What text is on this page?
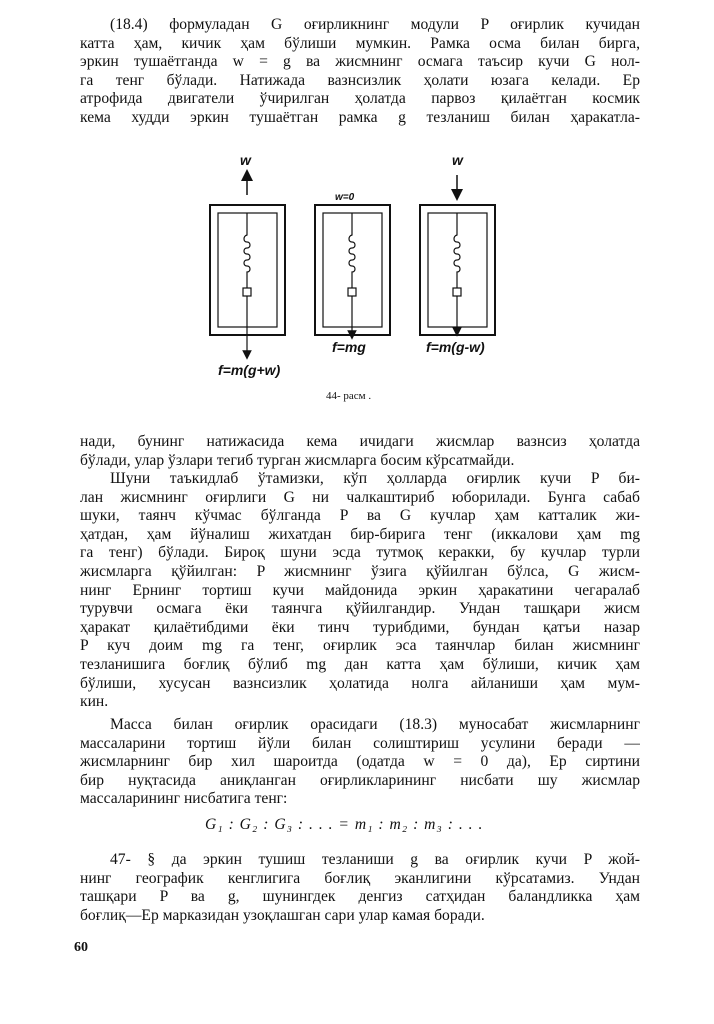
(18.4) формуладан G оғирликнинг модули P оғирлик кучидан
катта ҳам, кичик ҳам бўлиши мумкин. Рамка осма билан бирга,
эркин тушаётганда w = g ва жисмнинг осмага таъсир кучи G нол-
га тенг бўлади. Натижада вазнсизлик ҳолати юзага келади. Ер
атрофида двигатели ўчирилган ҳолатда парвоз қилаётган космик
кема худди эркин тушаётган рамка g тезланиш билан ҳаракатла-
w
f=m(g+w)
w=0
f=mg
w
f=m(g-w)
44- расм .
нади, бунинг натижасида кема ичидаги жисмлар вазнсиз ҳолатда
бўлади, улар ўзлари тегиб турган жисмларга босим кўрсатмайди.
Шуни таъкидлаб ўтамизки, кўп ҳолларда оғирлик кучи P би-
лан жисмнинг оғирлиги G ни чалкаштириб юборилади. Бунга сабаб
шуки, таянч кўчмас бўлганда P ва G кучлар ҳам катталик жи-
ҳатдан, ҳам йўналиш жихатдан бир-бирига тенг (иккалови ҳам mg
га тенг) бўлади. Бироқ шуни эсда тутмоқ керакки, бу кучлар турли
жисмларга қўйилган: P жисмнинг ўзига қўйилган бўлса, G жисм-
нинг Ернинг тортиш кучи майдонида эркин ҳаракатини чегаралаб
турувчи осмага ёки таянчга қўйилгандир. Ундан ташқари жисм
ҳаракат қилаётибдими ёки тинч турибдими, бундан қатъи назар
P куч доим mg га тенг, оғирлик эса таянчлар билан жисмнинг
тезланишига боғлиқ бўлиб mg дан катта ҳам бўлиши, кичик ҳам
бўлиши, хусусан вазнсизлик ҳолатида нолга айланиши ҳам мум-
кин.
Масса билан оғирлик орасидаги (18.3) муносабат жисмларнинг
массаларини тортиш йўли билан солиштириш усулини беради —
жисмларнинг бир хил шароитда (одатда w = 0 да), Ер сиртини
бир нуқтасида аниқланган оғирликларининг нисбати шу жисмлар
массаларининг нисбатига тенг:
G₁ : G₂ : G₃ : . . . = m₁ : m₂ : m₃ : . . .
47- § да эркин тушиш тезланиши g ва оғирлик кучи P жой-
нинг географик кенглигига боғлиқ эканлигини кўрсатамиз. Ундан
ташқари P ва g, шунингдек денгиз сатҳидан баландликка ҳам
боғлиқ—Ер марказидан узоқлашган сари улар камая боради.
60
